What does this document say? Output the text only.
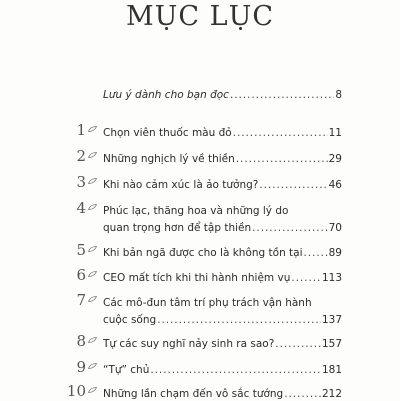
MỤC LỤC
Lưu ý dành cho bạn đọc . . .	8
1 Chọn viên thuốc màu đỏ . . .	11
2 Những nghịch lý về thiền . . .	29
3 Khi nào cảm xúc là ảo tưởng? . . .	46
4 Phúc lạc, thăng hoa và những lý do
quan trọng hơn để tập thiền . . .	70
5 Khi bản ngã được cho là không tồn tại . . . 89
6 CEO mất tích khi thi hành nhiệm vụ . . .	113
7 Các mô-đun tâm trí phụ trách vận hành
cuộc sống . . .	137
8 Tự các suy nghĩ nảy sinh ra sao? . . .	157
9 “Tự” chủ . . .	181
10 Những lần chạm đến vô sắc tướng . . .	212
